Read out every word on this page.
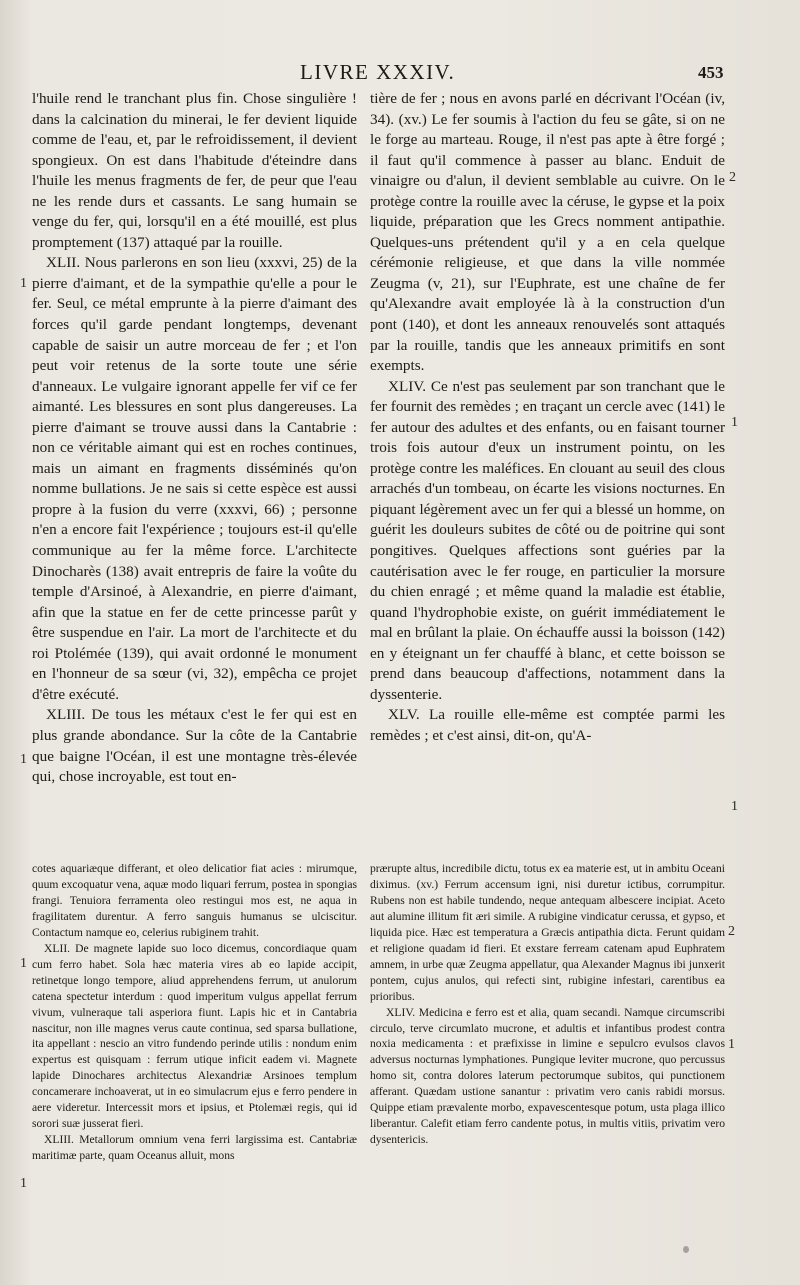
LIVRE XXXIV.	453

l'huile rend le tranchant plus fin. Chose singulière ! dans la calcination du minerai, le fer devient liquide comme de l'eau, et, par le refroidissement, il devient spongieux. On est dans l'habitude d'éteindre dans l'huile les menus fragments de fer, de peur que l'eau ne les rende durs et cassants. Le sang humain se venge du fer, qui, lorsqu'il en a été mouillé, est plus promptement (137) attaqué par la rouille.

XLII. Nous parlerons en son lieu (xxxvi, 25) de la pierre d'aimant, et de la sympathie qu'elle a pour le fer. Seul, ce métal emprunte à la pierre d'aimant des forces qu'il garde pendant longtemps, devenant capable de saisir un autre morceau de fer ; et l'on peut voir retenus de la sorte toute une série d'anneaux. Le vulgaire ignorant appelle fer vif ce fer aimanté. Les blessures en sont plus dangereuses. La pierre d'aimant se trouve aussi dans la Cantabrie : non ce véritable aimant qui est en roches continues, mais un aimant en fragments disséminés qu'on nomme bullations. Je ne sais si cette espèce est aussi propre à la fusion du verre (xxxvi, 66) ; personne n'en a encore fait l'expérience ; toujours est-il qu'elle communique au fer la même force. L'architecte Dinocharès (138) avait entrepris de faire la voûte du temple d'Arsinoé, à Alexandrie, en pierre d'aimant, afin que la statue en fer de cette princesse parût y être suspendue en l'air. La mort de l'architecte et du roi Ptolémée (139), qui avait ordonné le monument en l'honneur de sa sœur (vi, 32), empêcha ce projet d'être exécuté.

XLIII. De tous les métaux c'est le fer qui est en plus grande abondance. Sur la côte de la Cantabrie que baigne l'Océan, il est une montagne très-élevée qui, chose incroyable, est tout en-

tière de fer ; nous en avons parlé en décrivant l'Océan (iv, 34). (xv.) Le fer soumis à l'action du feu se gâte, si on ne le forge au marteau. Rouge, il n'est pas apte à être forgé ; il faut qu'il commence à passer au blanc. Enduit de vinaigre ou d'alun, il devient semblable au cuivre. On le protège contre la rouille avec la céruse, le gypse et la poix liquide, préparation que les Grecs nomment antipathie. Quelques-uns prétendent qu'il y a en cela quelque cérémonie religieuse, et que dans la ville nommée Zeugma (v, 21), sur l'Euphrate, est une chaîne de fer qu'Alexandre avait employée là à la construction d'un pont (140), et dont les anneaux renouvelés sont attaqués par la rouille, tandis que les anneaux primitifs en sont exempts.

XLIV. Ce n'est pas seulement par son tranchant que le fer fournit des remèdes ; en traçant un cercle avec (141) le fer autour des adultes et des enfants, ou en faisant tourner trois fois autour d'eux un instrument pointu, on les protège contre les maléfices. En clouant au seuil des clous arrachés d'un tombeau, on écarte les visions nocturnes. En piquant légèrement avec un fer qui a blessé un homme, on guérit les douleurs subites de côté ou de poitrine qui sont pongitives. Quelques affections sont guéries par la cautérisation avec le fer rouge, en particulier la morsure du chien enragé ; et même quand la maladie est établie, quand l'hydrophobie existe, on guérit immédiatement le mal en brûlant la plaie. On échauffe aussi la boisson (142) en y éteignant un fer chauffé à blanc, et cette boisson se prend dans beaucoup d'affections, notamment dans la dyssenterie.

XLV. La rouille elle-même est comptée parmi les remèdes ; et c'est ainsi, dit-on, qu'A-

cotes aquariæque differant, et oleo delicatior fiat acies : mirumque, quum excoquatur vena, aquæ modo liquari ferrum, postea in spongias frangi. Tenuiora ferramenta oleo restingui mos est, ne aqua in fragilitatem durentur. A ferro sanguis humanus se ulciscitur. Contactum namque eo, celerius rubiginem trahit.

XLII. De magnete lapide suo loco dicemus, concordiaque quam cum ferro habet. Sola hæc materia vires ab eo lapide accipit, retinetque longo tempore, aliud apprehendens ferrum, ut anulorum catena spectetur interdum : quod imperitum vulgus appellat ferrum vivum, vulneraque tali asperiora fiunt. Lapis hic et in Cantabria nascitur, non ille magnes verus caute continua, sed sparsa bullatione, ita appellant : nescio an vitro fundendo perinde utilis : nondum enim expertus est quisquam : ferrum utique inficit eadem vi. Magnete lapide Dinochares architectus Alexandriæ Arsinoes templum concamerare inchoaverat, ut in eo simulacrum ejus e ferro pendere in aere videretur. Intercessit mors et ipsius, et Ptolemæi regis, qui id sorori suæ jusserat fieri.

XLIII. Metallorum omnium vena ferri largissima est. Cantabriæ maritimæ parte, quam Oceanus alluit, mons

prærupte altus, incredibile dictu, totus ex ea materie est, ut in ambitu Oceani diximus. (xv.) Ferrum accensum igni, nisi duretur ictibus, corrumpitur. Rubens non est habile tundendo, neque antequam albescere incipiat. Aceto aut alumine illitum fit æri simile. A rubigine vindicatur cerussa, et gypso, et liquida pice. Hæc est temperatura a Græcis antipathia dicta. Ferunt quidam et religione quadam id fieri. Et exstare ferream catenam apud Euphratem amnem, in urbe quæ Zeugma appellatur, qua Alexander Magnus ibi junxerit pontem, cujus anulos, qui refecti sint, rubigine infestari, carentibus ea prioribus.

XLIV. Medicina e ferro est et alia, quam secandi. Namque circumscribi circulo, terve circumlato mucrone, et adultis et infantibus prodest contra noxia medicamenta : et præfixisse in limine e sepulcro evulsos clavos adversus nocturnas lymphationes. Pungique leviter mucrone, quo percussus homo sit, contra dolores laterum pectorumque subitos, qui punctionem afferant. Quædam ustione sanantur : privatim vero canis rabidi morsus. Quippe etiam prævalente morbo, expavescentesque potum, usta plaga illico liberantur. Calefit etiam ferro candente potus, in multis vitiis, privatim vero dysentericis.

1
1
2
1
1
1
1
2
1
